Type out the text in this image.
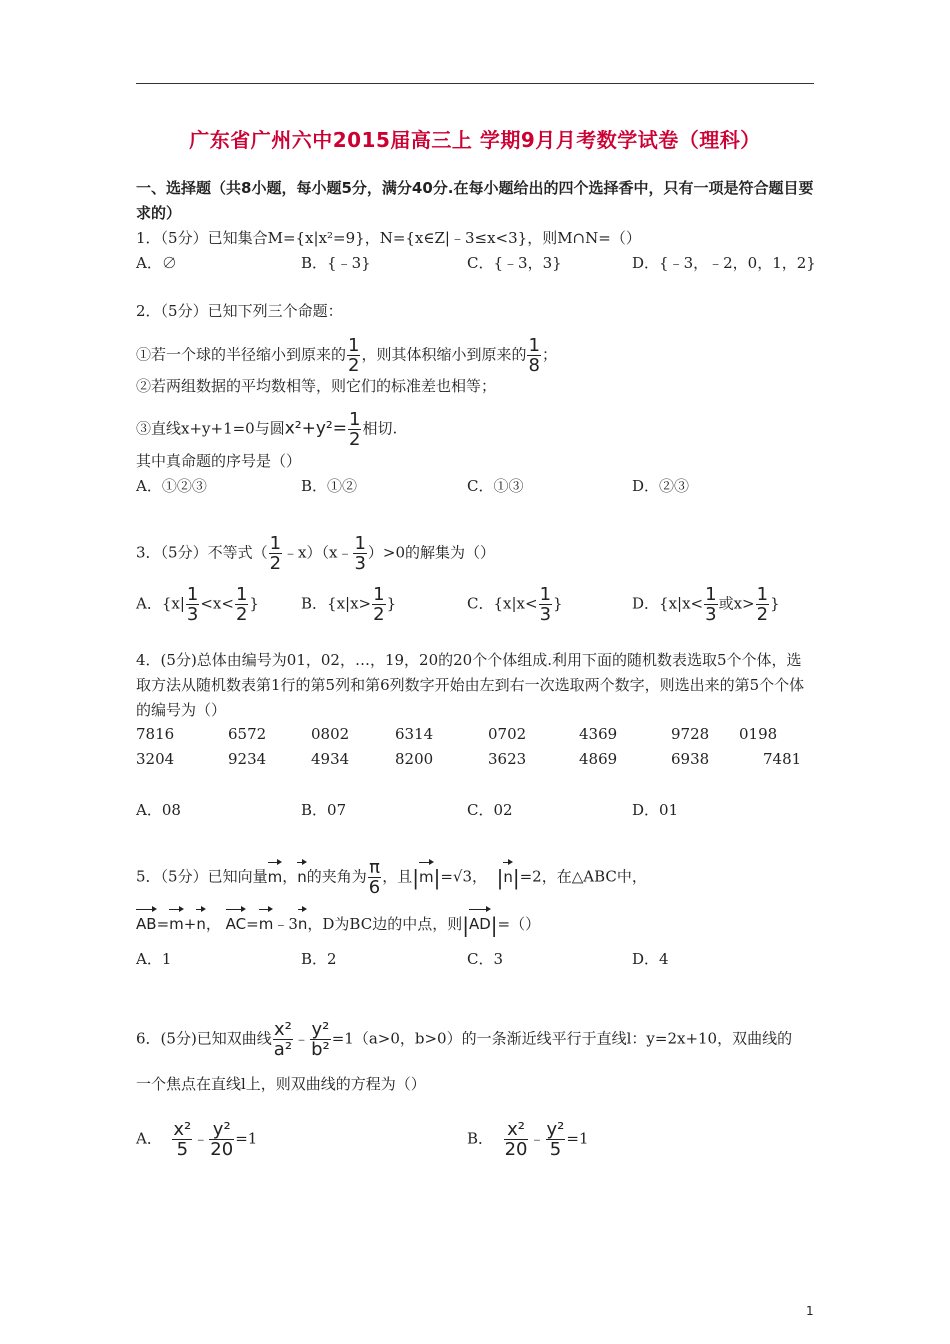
广东省广州六中2015届高三上 学期9月月考数学试卷（理科）
一、选择题（共8小题，每小题5分，满分40分.在每小题给出的四个选择香中，只有一项是符合题目要求的）
1．（5分）已知集合M={x|x²=9}，N={x∈Z|﹣3≤x<3}，则M∩N=（）
A．∅	B．{﹣3}	C．{﹣3，3}	D．{﹣3，﹣2，0，1，2}
2．（5分）已知下列三个命题：
①若一个球的半径缩小到原来的 $\frac{1}{2}$ ，则其体积缩小到原来的 $\frac{1}{8}$ ；
②若两组数据的平均数相等，则它们的标准差也相等；
③直线x+y+1=0与圆$x^2+y^2= \frac{1}{2}$ 相切.
其中真命题的序号是（）
A．①②③	B．①②	C．①③	D．②③
3．（5分）不等式（ $\frac{1}{2}$ ﹣x）（x﹣ $\frac{1}{3} )>0$的解集为（）
A．{$x| \frac{1}{3} <x< \frac{1}{2}$ }	B．{$x|x> \frac{1}{2}$ }	C．{$x|x< \frac{1}{3}$ }	D．{$x|x< \frac{1}{3}$ 或$x> \frac{1}{2}$ }
4．(5分)总体由编号为01，02，…，19，20的20个个体组成.利用下面的随机数表选取5个个体，选取方法从随机数表第1行的第5列和第6列数字开始由左到右一次选取两个数字，则选出来的第5个个体的编号为（）
7816	6572	0802	6314	0702	4369	9728 0198
3204	9234	4934	8200	3623	4869	6938	7481
A．08	B．07	C．02	D．01
5．（5分）已知向量m，n的夹角为 $\frac{\pi}{6}$ ，且|m|=√3， |n|=2，在△ABC中，
AB=m+n， AC=m﹣3n，D为BC边的中点，则|AD|=（）
A．1	B．2	C．3	D．4
6．(5分)已知双曲线 $\frac{\text{x²}}{\text{a²}}$ ﹣ $\frac{\text{y²}}{\text{b²}} =1(a>0$，b>0）的一条渐近线平行于直线l：y=2x+10，双曲线的
一个焦点在直线l上，则双曲线的方程为（）
A． $\frac{\text{x²}}{5}$ ﹣ $\frac{\text{y²}}{20} =1$	B． $\frac{\text{x²}}{20}$ ﹣ $\frac{\text{y²}}{5} =1$
1
